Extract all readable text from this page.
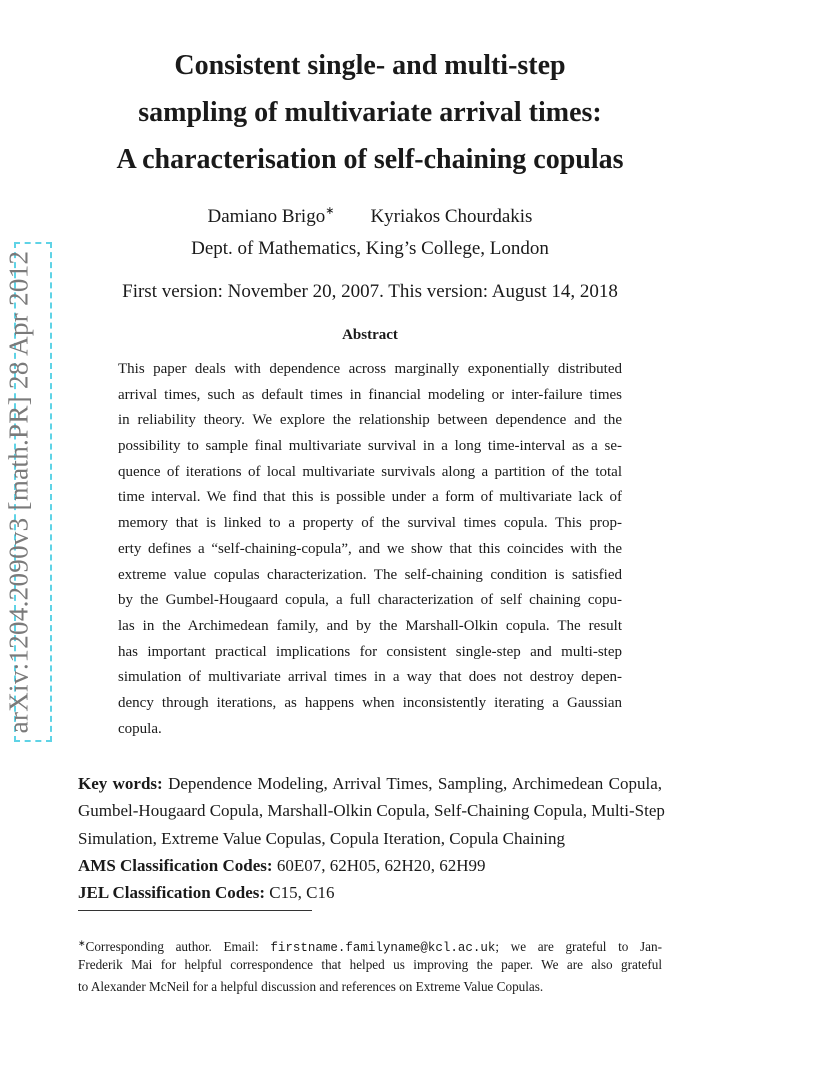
arXiv:1204.2090v3 [math.PR] 28 Apr 2012
Consistent single- and multi-step
sampling of multivariate arrival times:
A characterisation of self-chaining copulas
Damiano Brigo∗ Kyriakos Chourdakis
Dept. of Mathematics, King’s College, London
First version: November 20, 2007. This version: August 14, 2018
Abstract
This paper deals with dependence across marginally exponentially distributed
arrival times, such as default times in financial modeling or inter-failure times
in reliability theory. We explore the relationship between dependence and the
possibility to sample final multivariate survival in a long time-interval as a se-
quence of iterations of local multivariate survivals along a partition of the total
time interval. We find that this is possible under a form of multivariate lack of
memory that is linked to a property of the survival times copula. This prop-
erty defines a “self-chaining-copula”, and we show that this coincides with the
extreme value copulas characterization. The self-chaining condition is satisfied
by the Gumbel-Hougaard copula, a full characterization of self chaining copu-
las in the Archimedean family, and by the Marshall-Olkin copula. The result
has important practical implications for consistent single-step and multi-step
simulation of multivariate arrival times in a way that does not destroy depen-
dency through iterations, as happens when inconsistently iterating a Gaussian
copula.
Key words: Dependence Modeling, Arrival Times, Sampling, Archimedean Copula,
Gumbel-Hougaard Copula, Marshall-Olkin Copula, Self-Chaining Copula, Multi-Step
Simulation, Extreme Value Copulas, Copula Iteration, Copula Chaining
AMS Classification Codes: 60E07, 62H05, 62H20, 62H99
JEL Classification Codes: C15, C16
∗Corresponding author. Email: firstname.familyname@kcl.ac.uk; we are grateful to Jan-
Frederik Mai for helpful correspondence that helped us improving the paper. We are also grateful
to Alexander McNeil for a helpful discussion and references on Extreme Value Copulas.
